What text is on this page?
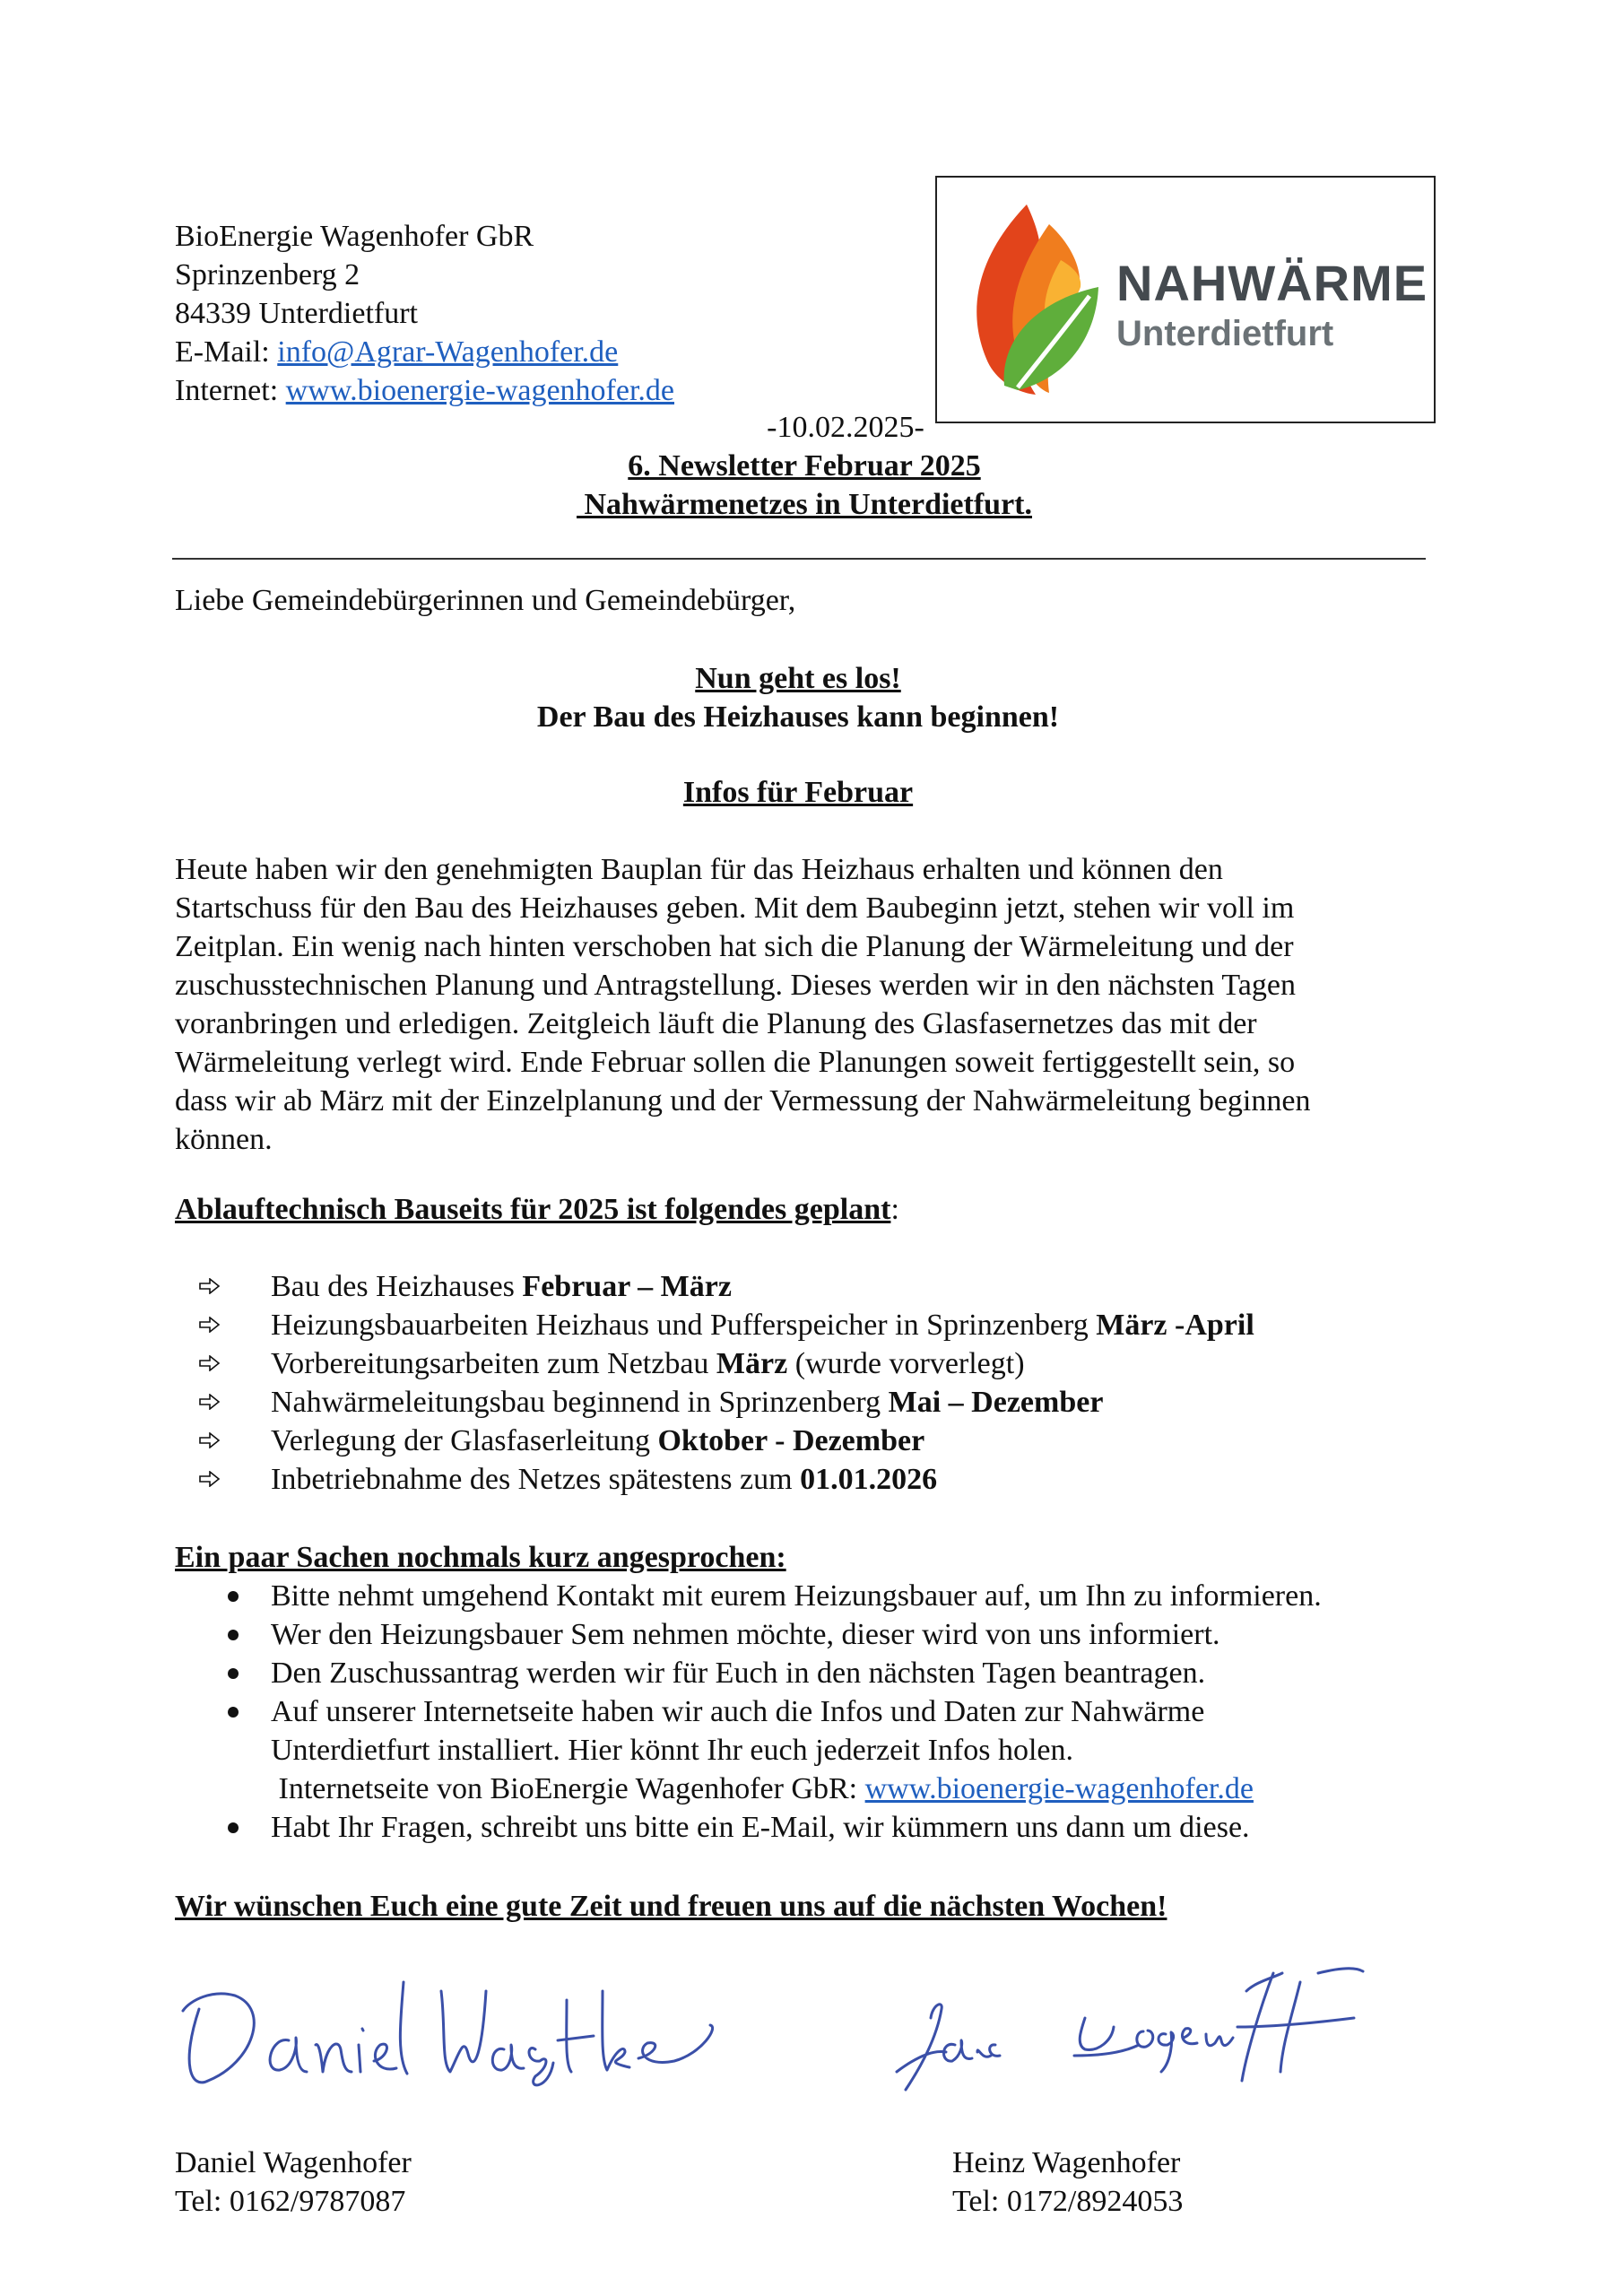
BioEnergie Wagenhofer GbR
Sprinzenberg 2
84339 Unterdietfurt
E-Mail: info@Agrar-Wagenhofer.de
Internet: www.bioenergie-wagenhofer.de
NAHWÄRME
Unterdietfurt
-10.02.2025-
6. Newsletter Februar 2025
Nahwärmenetzes in Unterdietfurt.
Liebe Gemeindebürgerinnen und Gemeindebürger,
Nun geht es los!
Der Bau des Heizhauses kann beginnen!
Infos für Februar
Heute haben wir den genehmigten Bauplan für das Heizhaus erhalten und können den
Startschuss für den Bau des Heizhauses geben. Mit dem Baubeginn jetzt, stehen wir voll im
Zeitplan. Ein wenig nach hinten verschoben hat sich die Planung der Wärmeleitung und der
zuschusstechnischen Planung und Antragstellung. Dieses werden wir in den nächsten Tagen
voranbringen und erledigen. Zeitgleich läuft die Planung des Glasfasernetzes das mit der
Wärmeleitung verlegt wird. Ende Februar sollen die Planungen soweit fertiggestellt sein, so
dass wir ab März mit der Einzelplanung und der Vermessung der Nahwärmeleitung beginnen
können.
Ablauftechnisch Bauseits für 2025 ist folgendes geplant:
Bau des Heizhauses Februar – März
Heizungsbauarbeiten Heizhaus und Pufferspeicher in Sprinzenberg März -April
Vorbereitungsarbeiten zum Netzbau März (wurde vorverlegt)
Nahwärmeleitungsbau beginnend in Sprinzenberg Mai – Dezember
Verlegung der Glasfaserleitung Oktober - Dezember
Inbetriebnahme des Netzes spätestens zum 01.01.2026
Ein paar Sachen nochmals kurz angesprochen:
Bitte nehmt umgehend Kontakt mit eurem Heizungsbauer auf, um Ihn zu informieren.
Wer den Heizungsbauer Sem nehmen möchte, dieser wird von uns informiert.
Den Zuschussantrag werden wir für Euch in den nächsten Tagen beantragen.
Auf unserer Internetseite haben wir auch die Infos und Daten zur Nahwärme
Unterdietfurt installiert. Hier könnt Ihr euch jederzeit Infos holen.
Internetseite von BioEnergie Wagenhofer GbR: www.bioenergie-wagenhofer.de
Habt Ihr Fragen, schreibt uns bitte ein E-Mail, wir kümmern uns dann um diese.
Wir wünschen Euch eine gute Zeit und freuen uns auf die nächsten Wochen!
Daniel Wagenhofer
Tel: 0162/9787087
Heinz Wagenhofer
Tel: 0172/8924053
